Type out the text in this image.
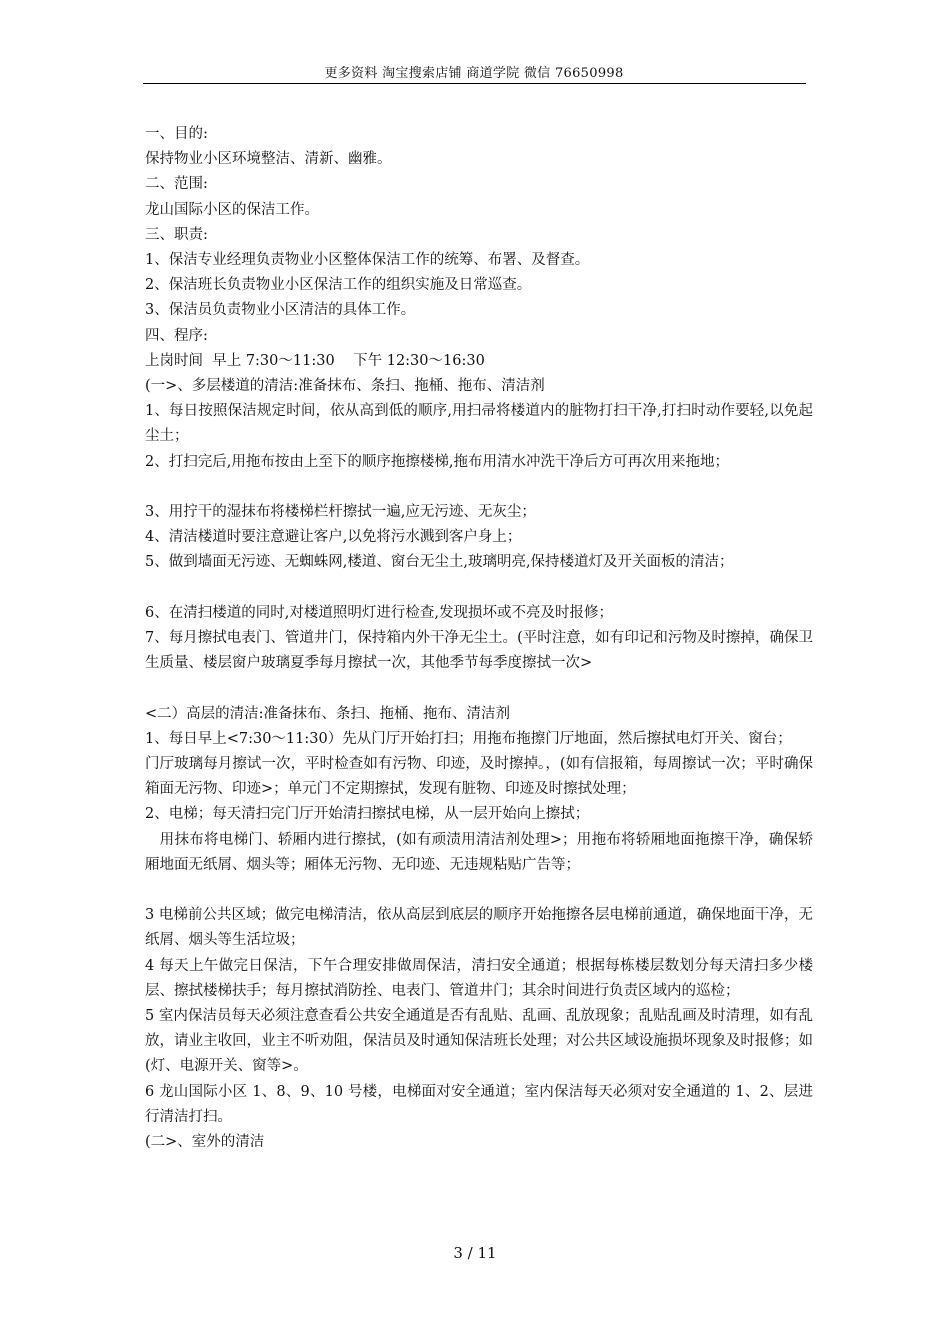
更多资料 淘宝搜索店铺 商道学院 微信 76650998

一、目的:

保持物业小区环境整洁、清新、幽雅。

二、范围:

龙山国际小区的保洁工作。

三、职责:

1、保洁专业经理负责物业小区整体保洁工作的统筹、布署、及督查。

2、保洁班长负责物业小区保洁工作的组织实施及日常巡查。

3、保洁员负责物业小区清洁的具体工作。

四、程序:

上岗时间  早上 7:30～11:30    下午 12:30～16:30

(一>、多层楼道的清洁:准备抹布、条扫、拖桶、拖布、清洁剂

1、每日按照保洁规定时间，依从高到低的顺序,用扫帚将楼道内的脏物打扫干净,打扫时动作要轻,以免起尘土；

2、打扫完后,用拖布按由上至下的顺序拖擦楼梯,拖布用清水冲洗干净后方可再次用来拖地；

3、用拧干的湿抹布将楼梯栏杆擦拭一遍,应无污迹、无灰尘；

4、清洁楼道时要注意避让客户,以免将污水溅到客户身上；

5、做到墙面无污迹、无蜘蛛网,楼道、窗台无尘土,玻璃明亮,保持楼道灯及开关面板的清洁；

6、在清扫楼道的同时,对楼道照明灯进行检查,发现损坏或不亮及时报修；

7、每月擦拭电表门、管道井门，保持箱内外干净无尘土。(平时注意，如有印记和污物及时擦掉，确保卫生质量、楼层窗户玻璃夏季每月擦拭一次，其他季节每季度擦拭一次>

<二）高层的清洁:准备抹布、条扫、拖桶、拖布、清洁剂

1、每日早上<7:30～11:30）先从门厅开始打扫；用拖布拖擦门厅地面，然后擦拭电灯开关、窗台；

门厅玻璃每月擦试一次，平时检查如有污物、印迹，及时擦掉。，(如有信报箱，每周擦试一次；平时确保箱面无污物、印迹>；单元门不定期擦拭，发现有脏物、印迹及时擦拭处理；

2、电梯；每天清扫完门厅开始清扫擦拭电梯，从一层开始向上擦拭；

用抹布将电梯门、轿厢内进行擦拭，(如有顽渍用清洁剂处理>；用拖布将轿厢地面拖擦干净，确保轿厢地面无纸屑、烟头等；厢体无污物、无印迹、无违规粘贴广告等；

3 电梯前公共区域；做完电梯清洁，依从高层到底层的顺序开始拖擦各层电梯前通道，确保地面干净，无纸屑、烟头等生活垃圾；

4 每天上午做完日保洁，下午合理安排做周保洁，清扫安全通道；根据每栋楼层数划分每天清扫多少楼层、擦拭楼梯扶手；每月擦拭消防拴、电表门、管道井门；其余时间进行负责区域内的巡检；

5 室内保洁员每天必须注意查看公共安全通道是否有乱贴、乱画、乱放现象；乱贴乱画及时清理，如有乱放，请业主收回，业主不听劝阻，保洁员及时通知保洁班长处理；对公共区域设施损坏现象及时报修；如(灯、电源开关、窗等>。

6 龙山国际小区 1、8、9、10 号楼，电梯面对安全通道；室内保洁每天必须对安全通道的 1、2、层进行清洁打扫。

(二>、室外的清洁

3 / 11
